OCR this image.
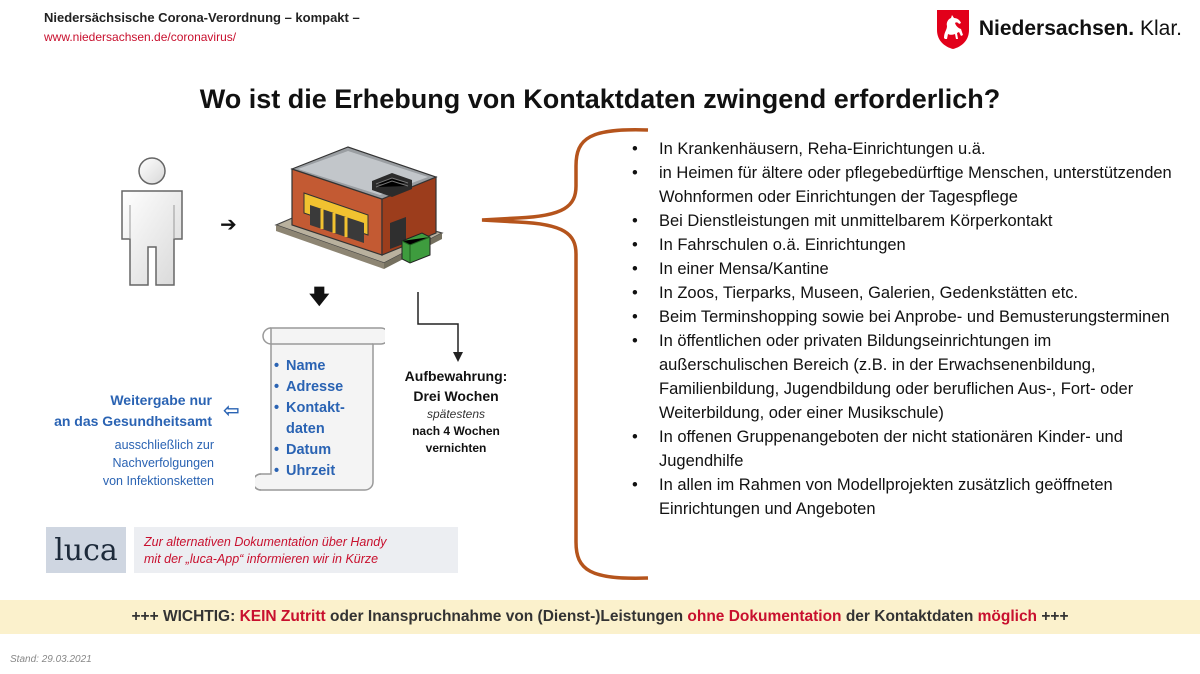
Niedersächsische Corona-Verordnung – kompakt –
www.niedersachsen.de/coronavirus/	Niedersachsen. Klar.
Wo ist die Erhebung von Kontaktdaten zwingend erforderlich?
➔
🡇
• Name
• Adresse
• Kontakt-
daten
• Datum
• Uhrzeit
⇦
Weitergabe nur
an das Gesundheitsamt
ausschließlich zur
Nachverfolgungen
von Infektionsketten
Aufbewahrung:
Drei Wochen
spätestens
nach 4 Wochen
vernichten
luca	Zur alternativen Dokumentation über Handy
mit der „luca-App“ informieren wir in Kürze
• In Krankenhäusern, Reha-Einrichtungen u.ä.
• in Heimen für ältere oder pflegebedürftige Menschen, unterstützenden Wohnformen oder Einrichtungen der Tagespflege
• Bei Dienstleistungen mit unmittelbarem Körperkontakt
• In Fahrschulen o.ä. Einrichtungen
• In einer Mensa/Kantine
• In Zoos, Tierparks, Museen, Galerien, Gedenkstätten etc.
• Beim Terminshopping sowie bei Anprobe- und Bemusterungsterminen
• In öffentlichen oder privaten Bildungseinrichtungen im außerschulischen Bereich (z.B. in der Erwachsenenbildung, Familienbildung, Jugendbildung oder beruflichen Aus-, Fort- oder Weiterbildung, oder einer Musikschule)
• In offenen Gruppenangeboten der nicht stationären Kinder- und Jugendhilfe
• In allen im Rahmen von Modellprojekten zusätzlich geöffneten Einrichtungen und Angeboten
+++ WICHTIG: KEIN Zutritt oder Inanspruchnahme von (Dienst-)Leistungen ohne Dokumentation der Kontaktdaten möglich +++
Stand: 29.03.2021
